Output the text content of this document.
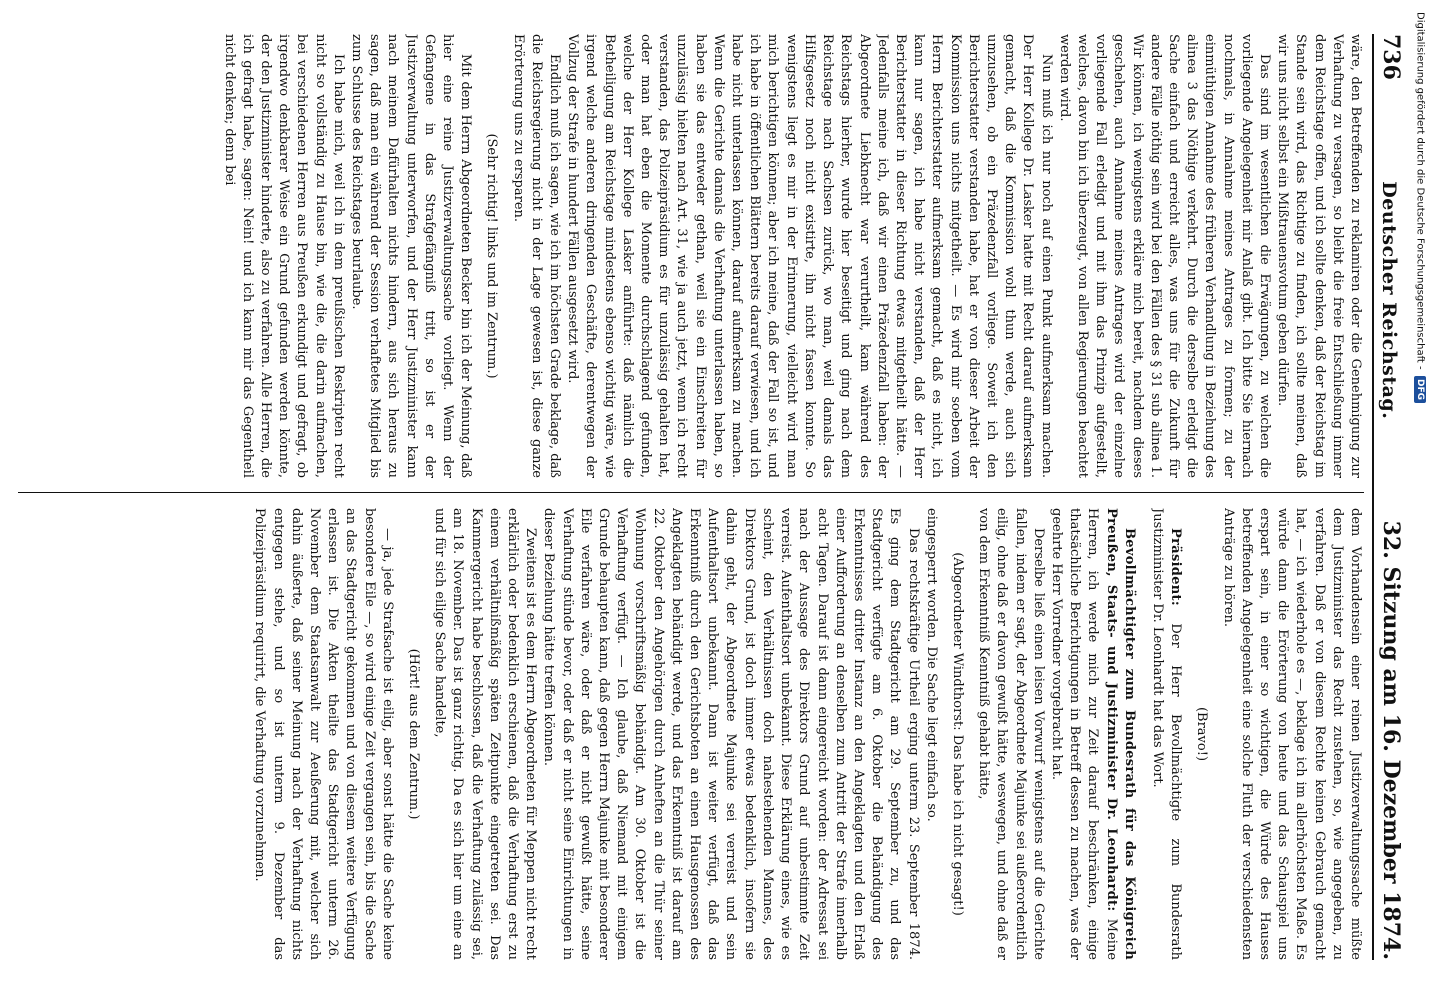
736
Deutscher Reichstag.
32. Sitzung am 16. Dezember 1874.

wäre, den Betreffenden zu reklamiren oder die Genehmigung zur Verhaftung zu versagen, so bleibt die freie Entschließung immer dem Reichstage offen, und ich sollte denken, daß der Reichstag im Stande sein wird, das Richtige zu finden, ich sollte meinen, daß wir uns nicht selbst ein Mißtrauensvotum geben dürfen.

Das sind im wesentlichen die Erwägungen, zu welchen die vorliegende Angelegenheit mir Anlaß gibt. Ich bitte Sie hiernach nochmals, in Annahme meines Antrages zu formen; zu der einmüthigen Annahme des früheren Verhandlung in Beziehung des alinea 3 das Nöthige verkehrt. Durch die derselbe erledigt die Sache einfach und erreicht alles, was uns für die Zukunft für andere Fälle nöthig sein wird bei den Fällen des § 31 sub alinea 1. Wir können, ich wenigstens erkläre mich bereit, nachdem dieses geschehen, auch Annahme meines Antrages wird der einzelne vorliegende Fall erledigt und mit ihm das Prinzip aufgestellt, welches, davon bin ich überzeugt, von allen Regierungen beachtet werden wird.

Nun muß ich nur noch auf einen Punkt aufmerksam machen. Der Herr Kollege Dr. Lasker hatte mit Recht darauf aufmerksam gemacht, daß die Kommission wohl thun werde, auch sich umzusehen, ob ein Präzedenzfall vorliege. Soweit ich den Berichterstatter verstanden habe, hat er von dieser Arbeit der Kommission uns nichts mitgetheilt. — Es wird mir soeben vom Herrn Berichterstatter aufmerksam gemacht, daß es nicht, ich kann nur sagen, ich habe nicht verstanden, daß der Herr Berichterstatter in dieser Richtung etwas mitgetheilt hätte. — Jedenfalls meine ich, daß wir einen Präzedenzfall haben: der Abgeordnete Liebknecht war verurtheilt, kam während des Reichstags hierher, wurde hier beseitigt und ging nach dem Reichstage nach Sachsen zurück, wo man, weil damals das Hilfsgesetz noch nicht existirte, ihn nicht fassen konnte. So wenigstens liegt es mir in der Erinnerung, vielleicht wird man mich berichtigen können; aber ich meine, daß der Fall so ist, und ich habe in öffentlichen Blättern bereits darauf verwiesen, und ich habe nicht unterlassen können, darauf aufmerksam zu machen. Wenn die Gerichte damals die Verhaftung unterlassen haben, so haben sie das entweder gethan, weil sie ein Einschreiten für unzulässig hielten nach Art. 31, wie ja auch jetzt, wenn ich recht verstanden, das Polizeipräsidium es für unzulässig gehalten hat, oder man hat eben die Momente durchschlagend gefunden, welche der Herr Kollege Lasker anführte: daß nämlich die Betheiligung am Reichstage mindestens ebenso wichtig wäre, wie irgend welche anderen dringenden Geschäfte, derentwegen der Vollzug der Strafe in hundert Fällen ausgesetzt wird.

Endlich muß ich sagen, wie ich im höchsten Grade beklage, daß die Reichsregierung nicht in der Lage gewesen ist, diese ganze Erörterung uns zu ersparen.

(Sehr richtig! links und im Zentrum.)

Mit dem Herrn Abgeordneten Becker bin ich der Meinung, daß hier eine reine Justizverwaltungssache vorliegt. Wenn der Gefangene in das Strafgefängniß tritt, so ist er der Justizverwaltung unterworfen, und der Herr Justizminister kann nach meinem Dafürhalten nichts hindern, aus sich heraus zu sagen, daß man ein während der Session verhaftetes Mitglied bis zum Schlusse des Reichstages beurlaube.

Ich habe mich, weil ich in dem preußischen Reskripten recht nicht so vollständig zu Hause bin, wie die, die darin aufmachen, bei verschiedenen Herren aus Preußen erkundigt und gefragt, ob irgendwo denkbarer Weise ein Grund gefunden werden könnte, der den Justizminister hinderte, also zu verfahren. Alle Herren, die ich gefragt habe, sagen: Nein! und ich kann mir das Gegentheil nicht denken; denn bei

dem Vorhandensein einer reinen Justizverwaltungssache müßte dem Justizminister das Recht zustehen, so, wie angegeben, zu verfahren. Daß er von diesem Rechte keinen Gebrauch gemacht hat, — ich wiederhole es —, beklage ich im allerhöchsten Maße. Es würde dann die Erörterung von heute und das Schauspiel uns erspart sein, in einer so wichtigen, die Würde des Hauses betreffenden Angelegenheit eine solche Fluth der verschiedensten Anträge zu hören.

(Bravo!)

Präsident: Der Herr Bevollmächtigte zum Bundesrath Justizminister Dr. Leonhardt hat das Wort.

Bevollmächtigter zum Bundesrath für das Königreich Preußen, Staats- und Justizminister Dr. Leonhardt: Meine Herren, ich werde mich zur Zeit darauf beschränken, einige thatsächliche Berichtigungen in Betreff dessen zu machen, was der geehrte Herr Vorredner vorgebracht hat.

Derselbe ließ einen leisen Vorwurf wenigstens auf die Gerichte fallen, indem er sagt, der Abgeordnete Majunke sei außerordentlich eilig, ohne daß er davon gewußt hätte, weswegen, und ohne daß er von dem Erkenntniß Kenntniß gehabt hätte,

(Abgeordneter Windthorst: Das habe ich nicht gesagt!)

eingesperrt worden. Die Sache liegt einfach so.

Das rechtskräftige Urtheil erging unterm 23. September 1874. Es ging dem Stadtgericht am 29. September zu, und das Stadtgericht verfügte am 6. Oktober die Behändigung des Erkenntnisses dritter Instanz an den Angeklagten und den Erlaß einer Aufforderung an denselben zum Antritt der Strafe innerhalb acht Tagen. Darauf ist dann eingereicht worden: der Adressat sei nach der Aussage des Direktors Grund auf unbestimmte Zeit verreist. Aufenthaltsort unbekannt. Diese Erklärung eines, wie es scheint, den Verhältnissen doch nahestehenden Mannes, des Direktors Grund, ist doch immer etwas bedenklich, insofern sie dahin geht, der Abgeordnete Majunke sei verreist und sein Aufenthaltsort unbekannt. Dann ist weiter verfügt, daß das Erkenntniß durch den Gerichtsboten an einen Hausgenossen des Angeklagten behändigt werde, und das Erkenntniß ist darauf am 22. Oktober den Angehörigen durch Anheften an die Thür seiner Wohnung vorschriftsmäßig behändigt. Am 30. Oktober ist die Verhaftung verfügt. — Ich glaube, daß Niemand mit einigem Grunde behaupten kann, daß gegen Herrn Majunke mit besonderer Eile verfahren wäre, oder daß er nicht gewußt hätte, seine Verhaftung stünde bevor, oder daß er nicht seine Einrichtungen in dieser Beziehung hätte treffen können.

Zweitens ist es dem Herrn Abgeordneten für Meppen nicht recht erklärlich oder bedenklich erschienen, daß die Verhaftung erst zu einem verhältnißmäßig späten Zeitpunkte eingetreten sei. Das Kammergericht habe beschlossen, daß die Verhaftung zulässig sei, am 18. November. Das ist ganz richtig. Da es sich hier um eine an und für sich eilige Sache handelte,

(Hört! aus dem Zentrum.)

— ja, jede Strafsache ist eilig, aber sonst hätte die Sache keine besondere Eile —, so wird einige Zeit vergangen sein, bis die Sache an das Stadtgericht gekommen und von diesem weitere Verfügung erlassen ist. Die Akten theilte das Stadtgericht unterm 26. November dem Staatsanwalt zur Aeußerung mit, welcher sich dahin äußerte, daß seiner Meinung nach der Verhaftung nichts entgegen stehe, und so ist unterm 9. Dezember das Polizeipräsidium requirirt, die Verhaftung vorzunehmen.

Digitalisierung gefördert durch die Deutsche Forschungsgemeinschaft -
DFG
